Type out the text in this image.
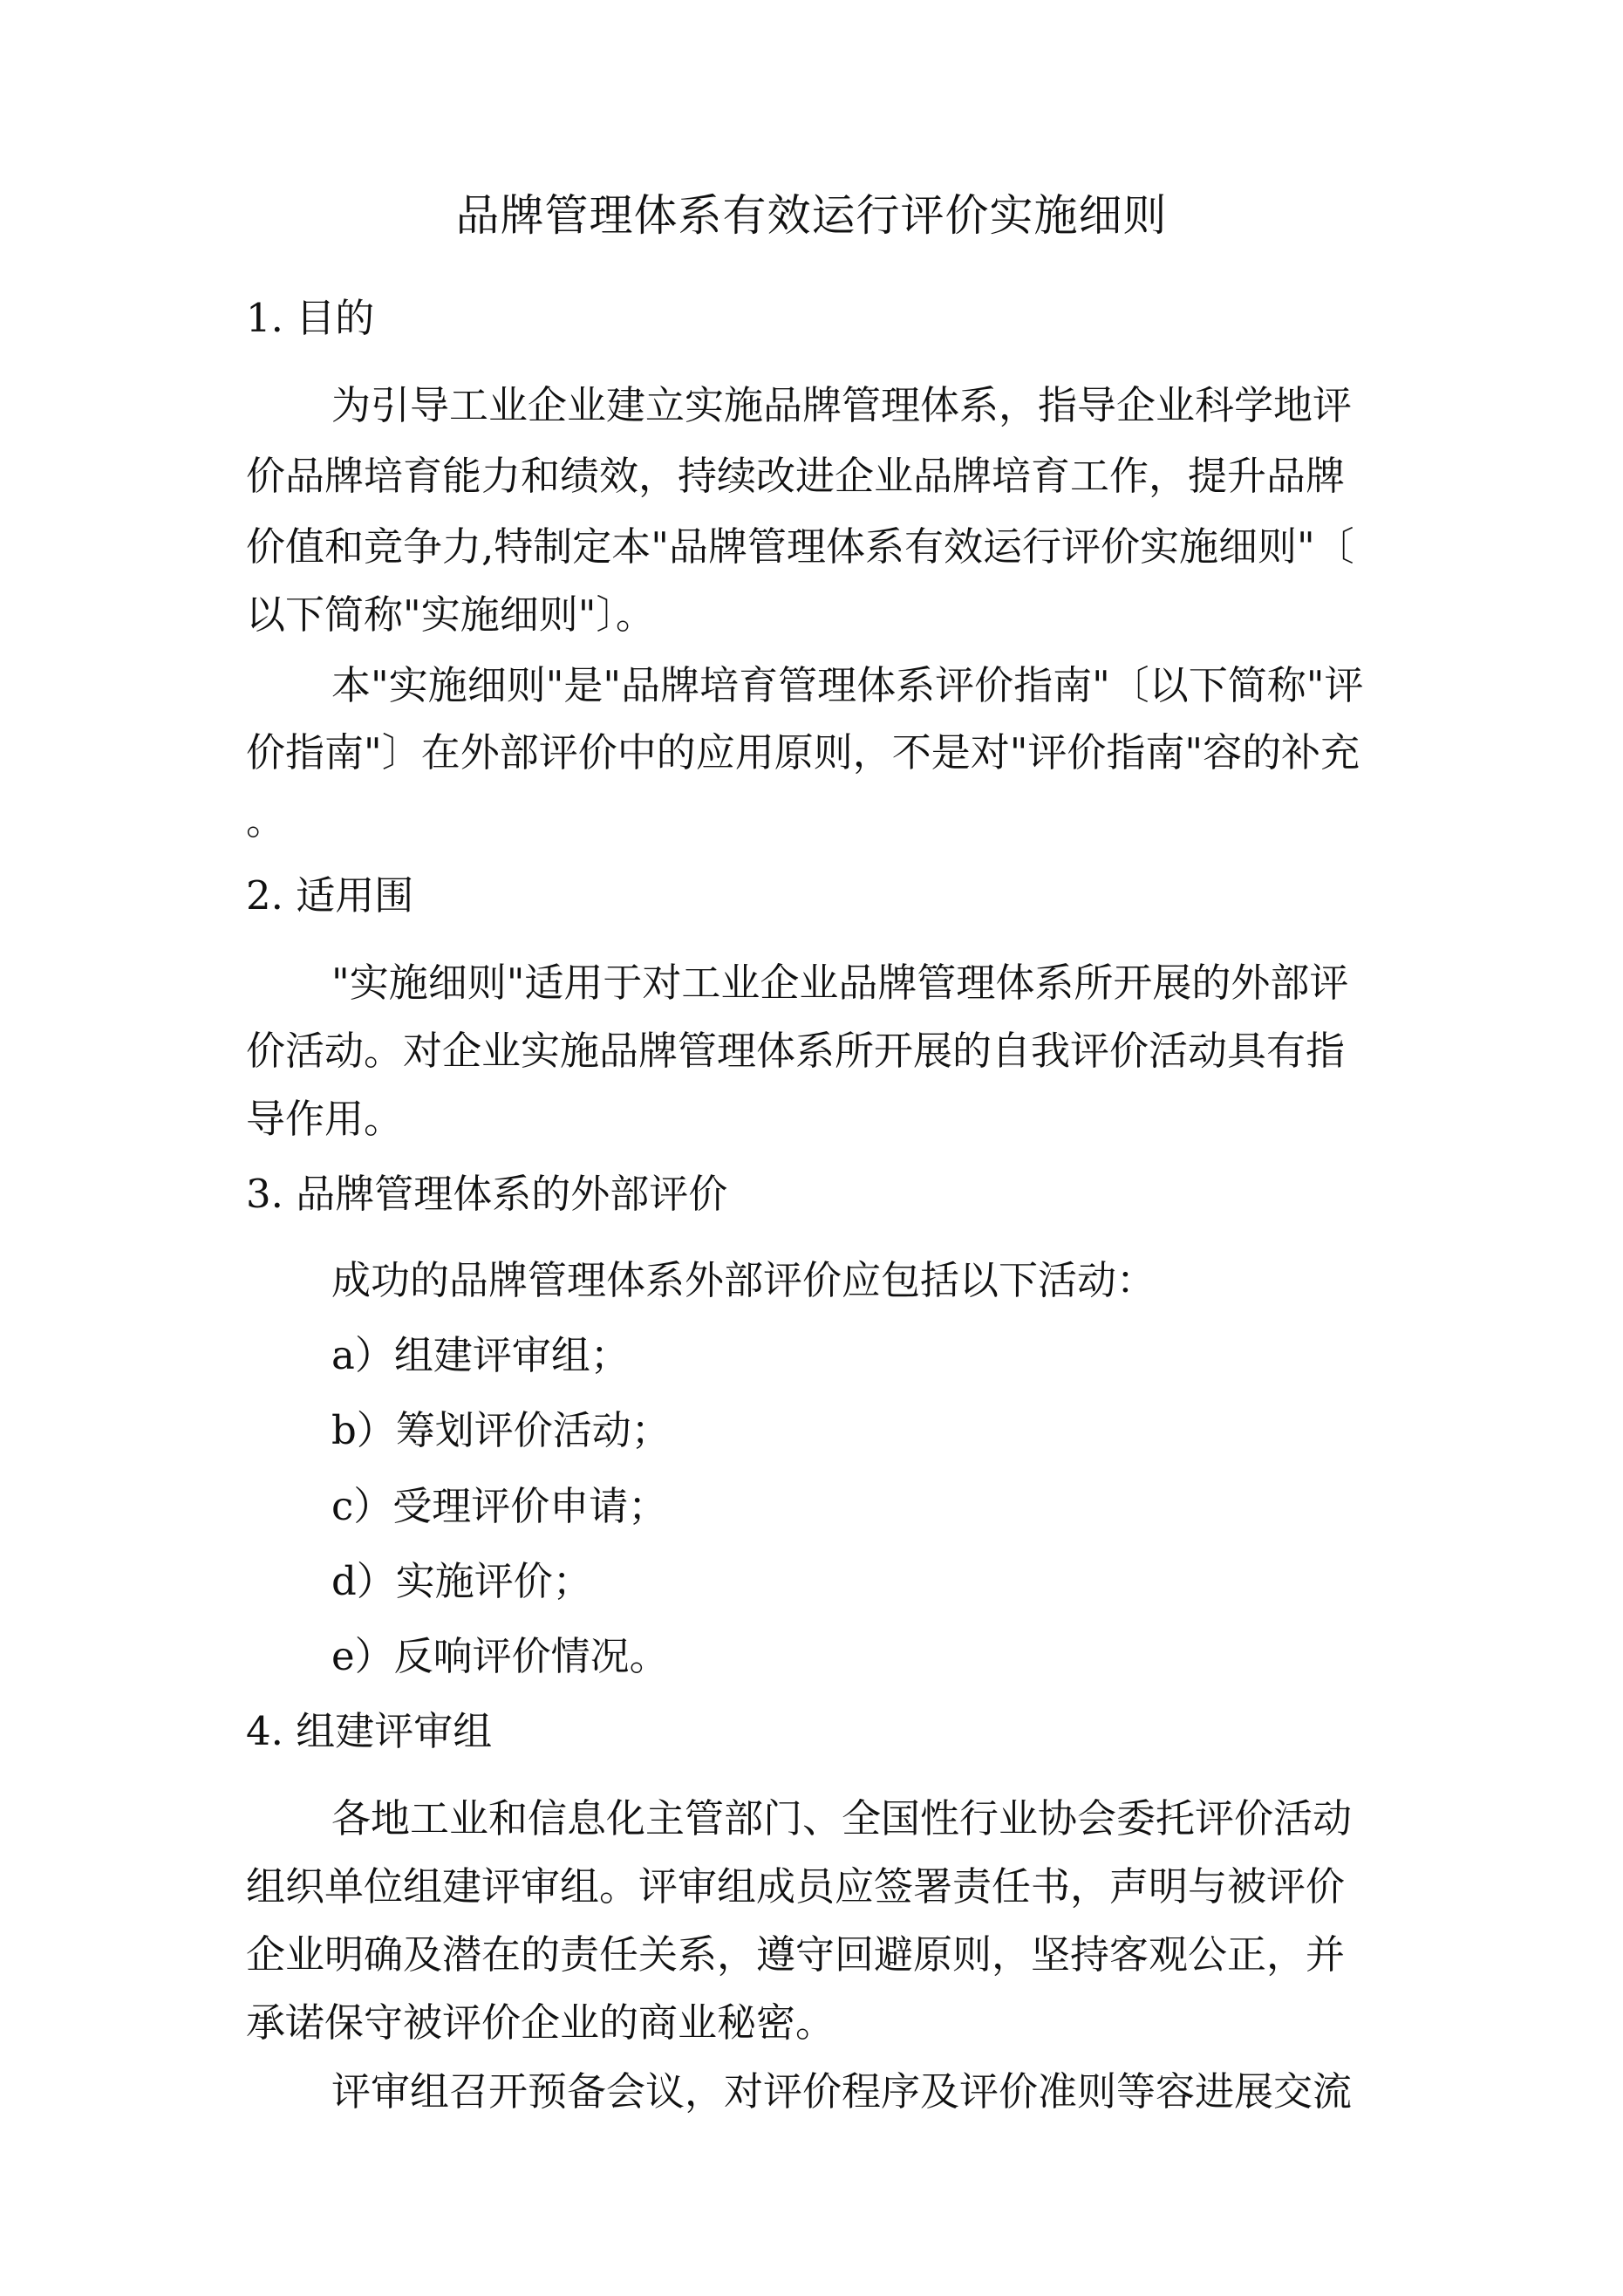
品牌管理体系有效运行评价实施细则
1. 目的
为引导工业企业建立实施品牌管理体系，指导企业科学地评
价品牌培育能力和绩效，持续改进企业品牌培育工作，提升品牌
价值和竞争力,特制定本"品牌管理体系有效运行评价实施细则"〔
以下简称"实施细则"〕。
本"实施细则"是"品牌培育管理体系评价指南"〔以下简称"评
价指南"〕在外部评价中的应用原则，不是对"评价指南"容的补充
。
2. 适用围
"实施细则"适用于对工业企业品牌管理体系所开展的外部评
价活动。对企业实施品牌管理体系所开展的自我评价活动具有指
导作用。
3. 品牌管理体系的外部评价
成功的品牌管理体系外部评价应包括以下活动：
a）组建评审组；
b）筹划评价活动；
c）受理评价申请；
d）实施评价；
e）反响评价情况。
4. 组建评审组
各地工业和信息化主管部门、全国性行业协会委托评价活动
组织单位组建评审组。评审组成员应签署责任书，声明与被评价
企业明确及潜在的责任关系，遵守回避原则，坚持客观公正，并
承诺保守被评价企业的商业秘密。
评审组召开预备会议，对评价程序及评价准则等容进展交流
